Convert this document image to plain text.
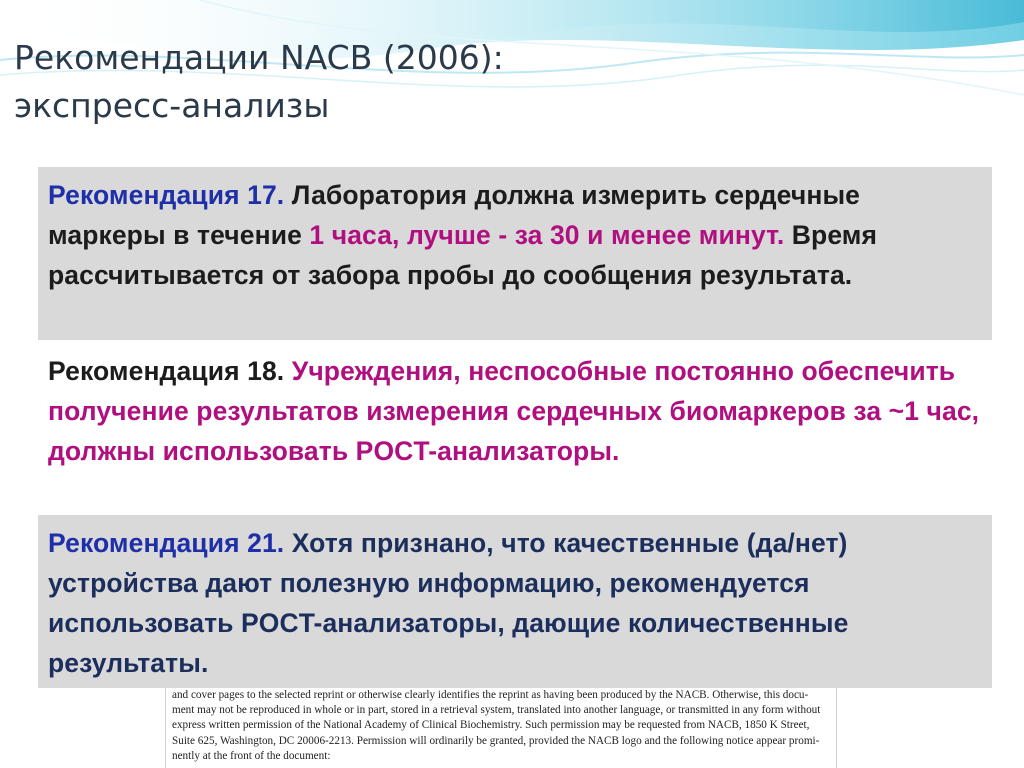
Рекомендации NACB (2006):
экспресс-анализы
Рекомендация 17. Лаборатория должна измерить сердечные маркеры в течение 1 часа, лучше - за 30 и менее минут. Время рассчитывается от забора пробы до сообщения результата.
Рекомендация 18. Учреждения, неспособные постоянно обеспечить получение результатов измерения сердечных биомаркеров за ~1 час, должны использовать POCT-анализаторы.
Рекомендация 21. Хотя признано, что качественные (да/нет) устройства дают полезную информацию, рекомендуется использовать POCT-анализаторы, дающие количественные результаты.
and cover pages to the selected reprint or otherwise clearly identifies the reprint as having been produced by the NACB. Otherwise, this docu-
ment may not be reproduced in whole or in part, stored in a retrieval system, translated into another language, or transmitted in any form without
express written permission of the National Academy of Clinical Biochemistry. Such permission may be requested from NACB, 1850 K Street,
Suite 625, Washington, DC 20006-2213. Permission will ordinarily be granted, provided the NACB logo and the following notice appear promi-
nently at the front of the document:
